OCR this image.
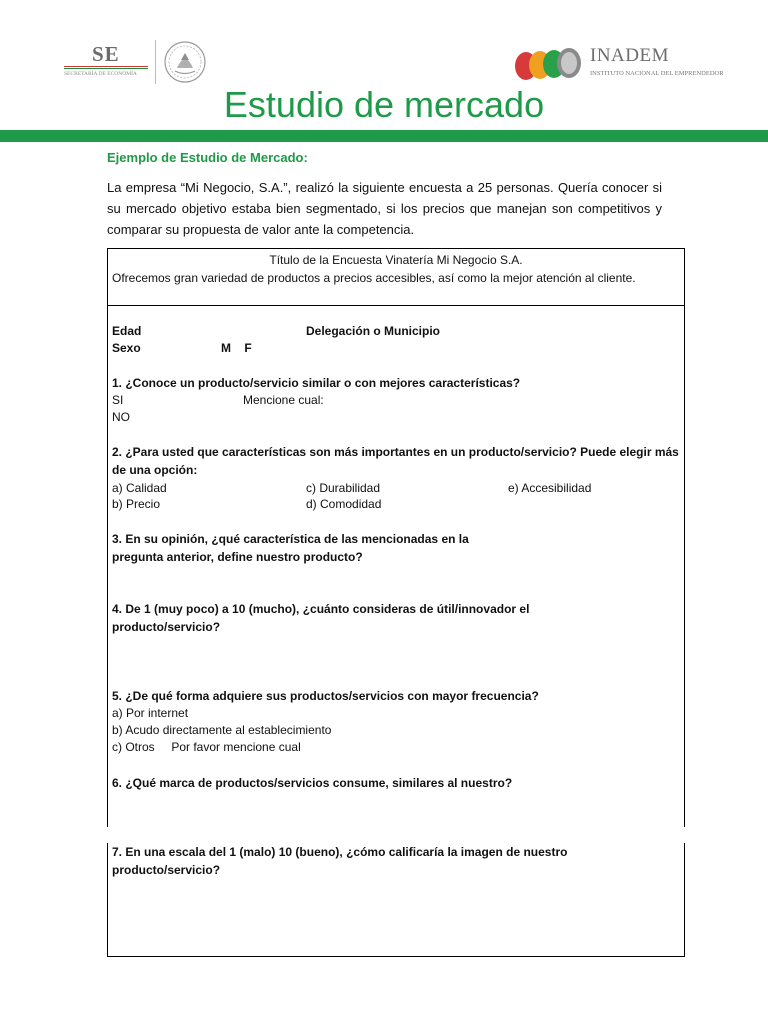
SE
SECRETARÍA DE ECONOMÍA
INADEM
INSTITUTO NACIONAL DEL EMPRENDEDOR
Estudio de mercado
Ejemplo de Estudio de Mercado:
La empresa “Mi Negocio, S.A.”, realizó la siguiente encuesta a 25 personas. Quería conocer si su mercado objetivo estaba bien segmentado, si los precios que manejan son competitivos y comparar su propuesta de valor ante la competencia.
Título de la Encuesta Vinatería Mi Negocio S.A.
Ofrecemos gran variedad de productos a precios accesibles, así como la mejor atención al cliente.
Edad	Delegación o Municipio
Sexo	M    F
1. ¿Conoce un producto/servicio similar o con mejores características?
SI	Mencione cual:
NO
2. ¿Para usted que características son más importantes en un producto/servicio? Puede elegir más
de una opción:
a) Calidad	c) Durabilidad	e) Accesibilidad
b) Precio	d) Comodidad
3. En su opinión, ¿qué característica de las mencionadas en la
pregunta anterior, define nuestro producto?
4. De 1 (muy poco) a 10 (mucho), ¿cuánto consideras de útil/innovador el
producto/servicio?
5. ¿De qué forma adquiere sus productos/servicios con mayor frecuencia?
a) Por internet
b) Acudo directamente al establecimiento
c) Otros     Por favor mencione cual
6. ¿Qué marca de productos/servicios consume, similares al nuestro?
7. En una escala del 1 (malo) 10 (bueno), ¿cómo calificaría la imagen de nuestro
producto/servicio?
